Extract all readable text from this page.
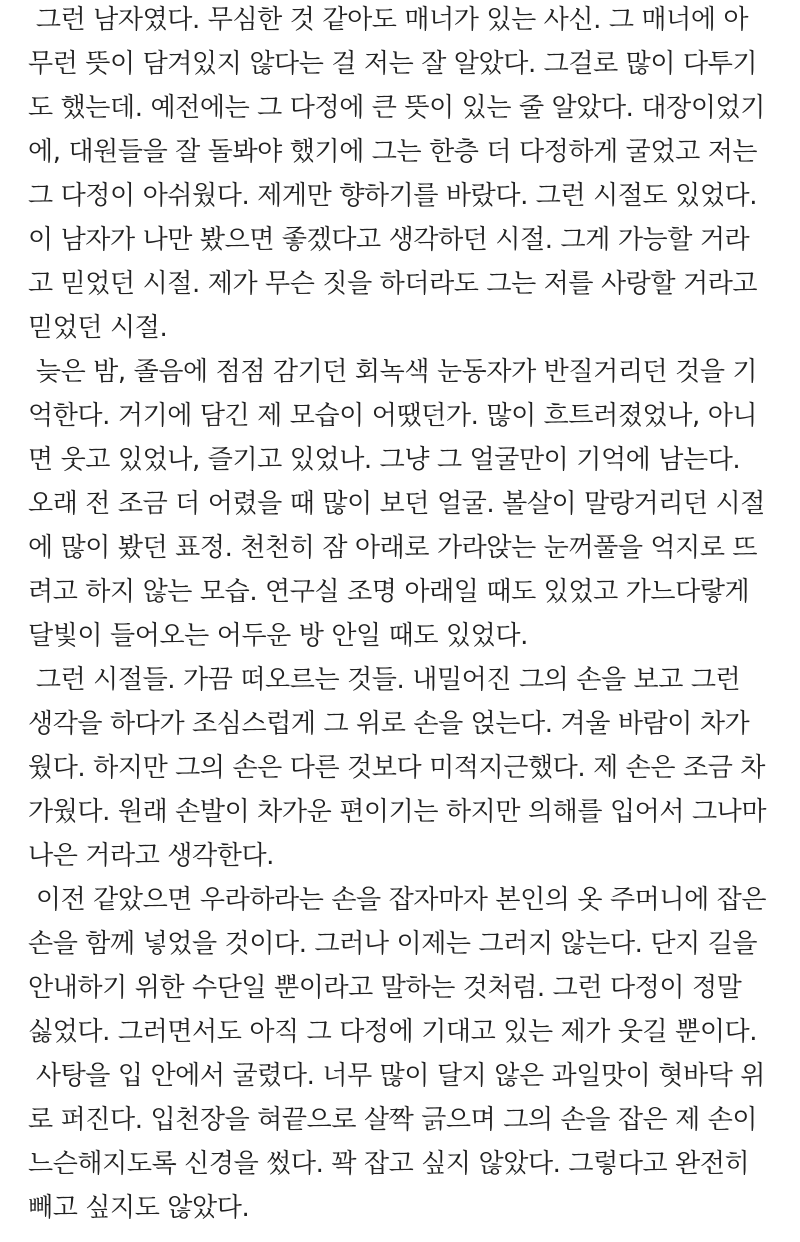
그런 남자였다. 무심한 것 같아도 매너가 있는 사신. 그 매너에 아
무런 뜻이 담겨있지 않다는 걸 저는 잘 알았다. 그걸로 많이 다투기
도 했는데. 예전에는 그 다정에 큰 뜻이 있는 줄 알았다. 대장이었기
에, 대원들을 잘 돌봐야 했기에 그는 한층 더 다정하게 굴었고 저는
그 다정이 아쉬웠다. 제게만 향하기를 바랐다. 그런 시절도 있었다.
이 남자가 나만 봤으면 좋겠다고 생각하던 시절. 그게 가능할 거라
고 믿었던 시절. 제가 무슨 짓을 하더라도 그는 저를 사랑할 거라고
믿었던 시절.
늦은 밤, 졸음에 점점 감기던 회녹색 눈동자가 반질거리던 것을 기
억한다. 거기에 담긴 제 모습이 어땠던가. 많이 흐트러졌었나, 아니
면 웃고 있었나, 즐기고 있었나. 그냥 그 얼굴만이 기억에 남는다.
오래 전 조금 더 어렸을 때 많이 보던 얼굴. 볼살이 말랑거리던 시절
에 많이 봤던 표정. 천천히 잠 아래로 가라앉는 눈꺼풀을 억지로 뜨
려고 하지 않는 모습. 연구실 조명 아래일 때도 있었고 가느다랗게
달빛이 들어오는 어두운 방 안일 때도 있었다.
그런 시절들. 가끔 떠오르는 것들. 내밀어진 그의 손을 보고 그런
생각을 하다가 조심스럽게 그 위로 손을 얹는다. 겨울 바람이 차가
웠다. 하지만 그의 손은 다른 것보다 미적지근했다. 제 손은 조금 차
가웠다. 원래 손발이 차가운 편이기는 하지만 의해를 입어서 그나마
나은 거라고 생각한다.
이전 같았으면 우라하라는 손을 잡자마자 본인의 옷 주머니에 잡은
손을 함께 넣었을 것이다. 그러나 이제는 그러지 않는다. 단지 길을
안내하기 위한 수단일 뿐이라고 말하는 것처럼. 그런 다정이 정말
싫었다. 그러면서도 아직 그 다정에 기대고 있는 제가 웃길 뿐이다.
사탕을 입 안에서 굴렸다. 너무 많이 달지 않은 과일맛이 혓바닥 위
로 퍼진다. 입천장을 혀끝으로 살짝 긁으며 그의 손을 잡은 제 손이
느슨해지도록 신경을 썼다. 꽉 잡고 싶지 않았다. 그렇다고 완전히
빼고 싶지도 않았다.
